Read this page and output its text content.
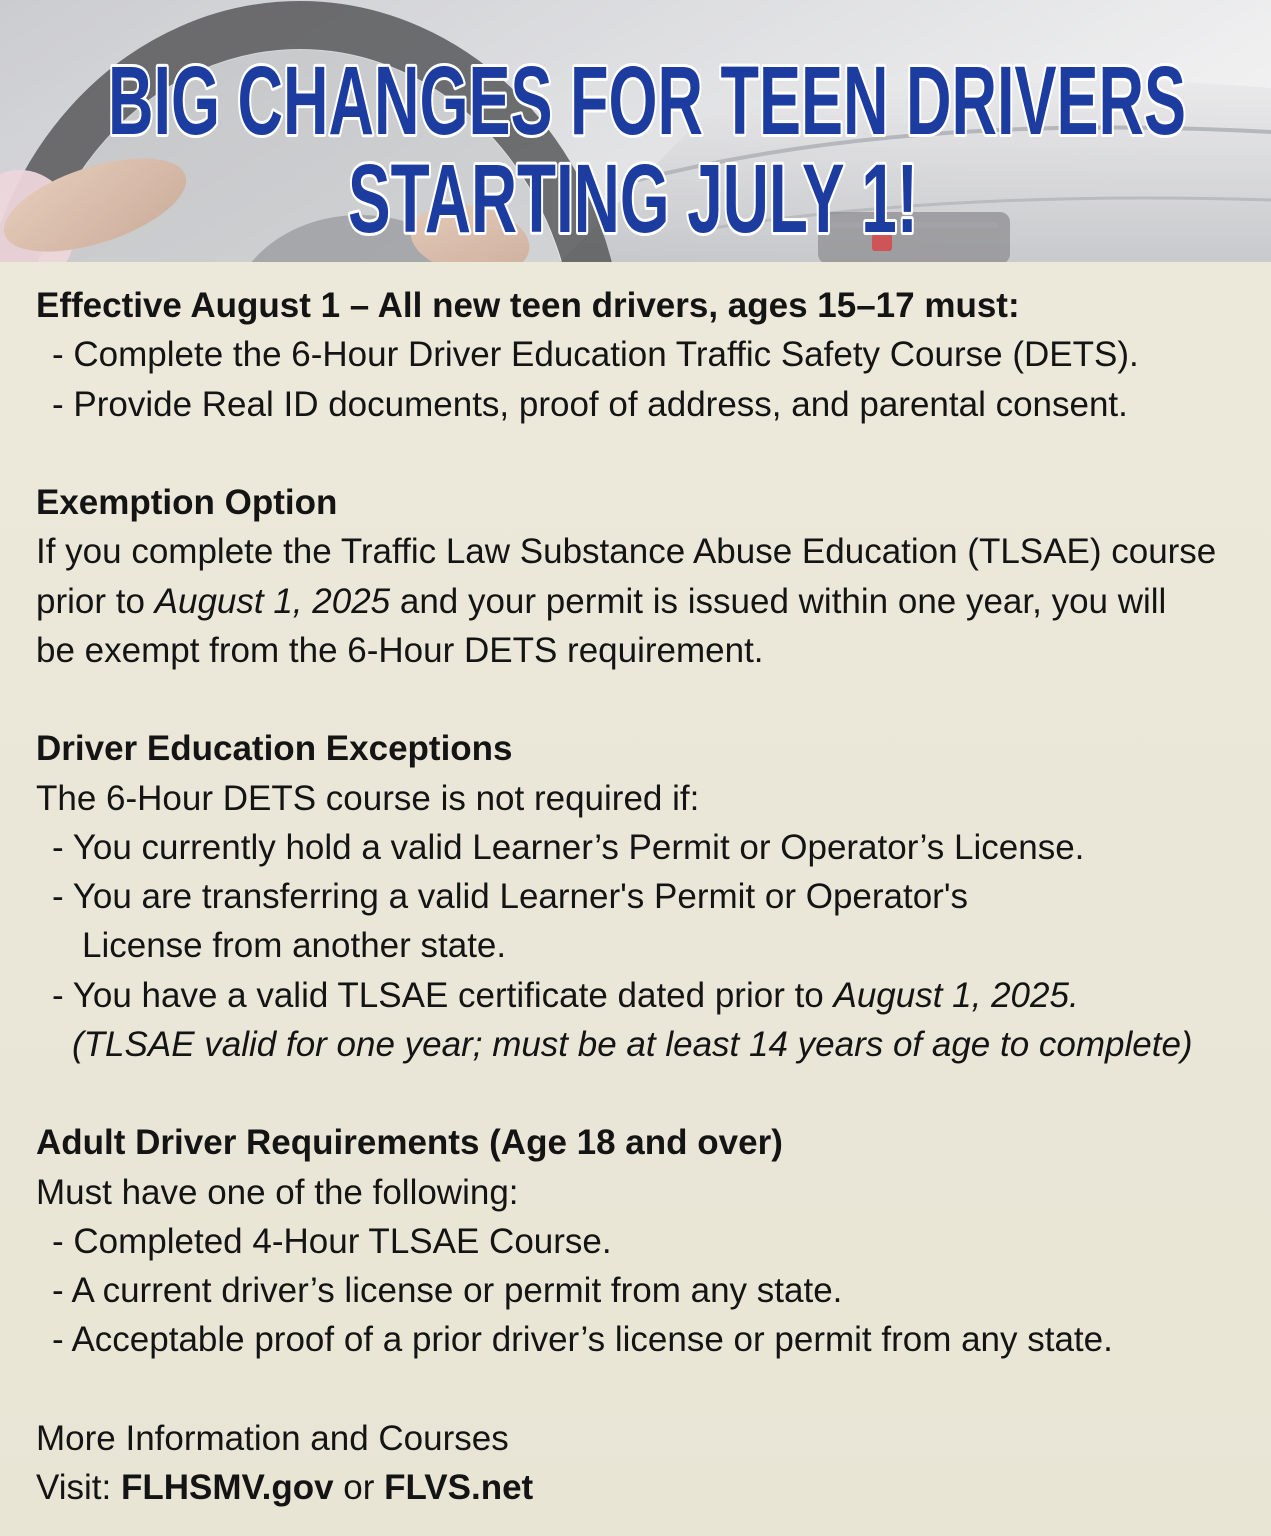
BIG CHANGES FOR TEEN DRIVERS
STARTING JULY 1!
Effective August 1 – All new teen drivers, ages 15–17 must:
- Complete the 6-Hour Driver Education Traffic Safety Course (DETS).
- Provide Real ID documents, proof of address, and parental consent.
Exemption Option
If you complete the Traffic Law Substance Abuse Education (TLSAE) course
prior to August 1, 2025 and your permit is issued within one year, you will
be exempt from the 6-Hour DETS requirement.
Driver Education Exceptions
The 6-Hour DETS course is not required if:
- You currently hold a valid Learner’s Permit or Operator’s License.
- You are transferring a valid Learner's Permit or Operator's
License from another state.
- You have a valid TLSAE certificate dated prior to August 1, 2025.
(TLSAE valid for one year; must be at least 14 years of age to complete)
Adult Driver Requirements (Age 18 and over)
Must have one of the following:
- Completed 4-Hour TLSAE Course.
- A current driver’s license or permit from any state.
- Acceptable proof of a prior driver’s license or permit from any state.
More Information and Courses
Visit: FLHSMV.gov or FLVS.net
